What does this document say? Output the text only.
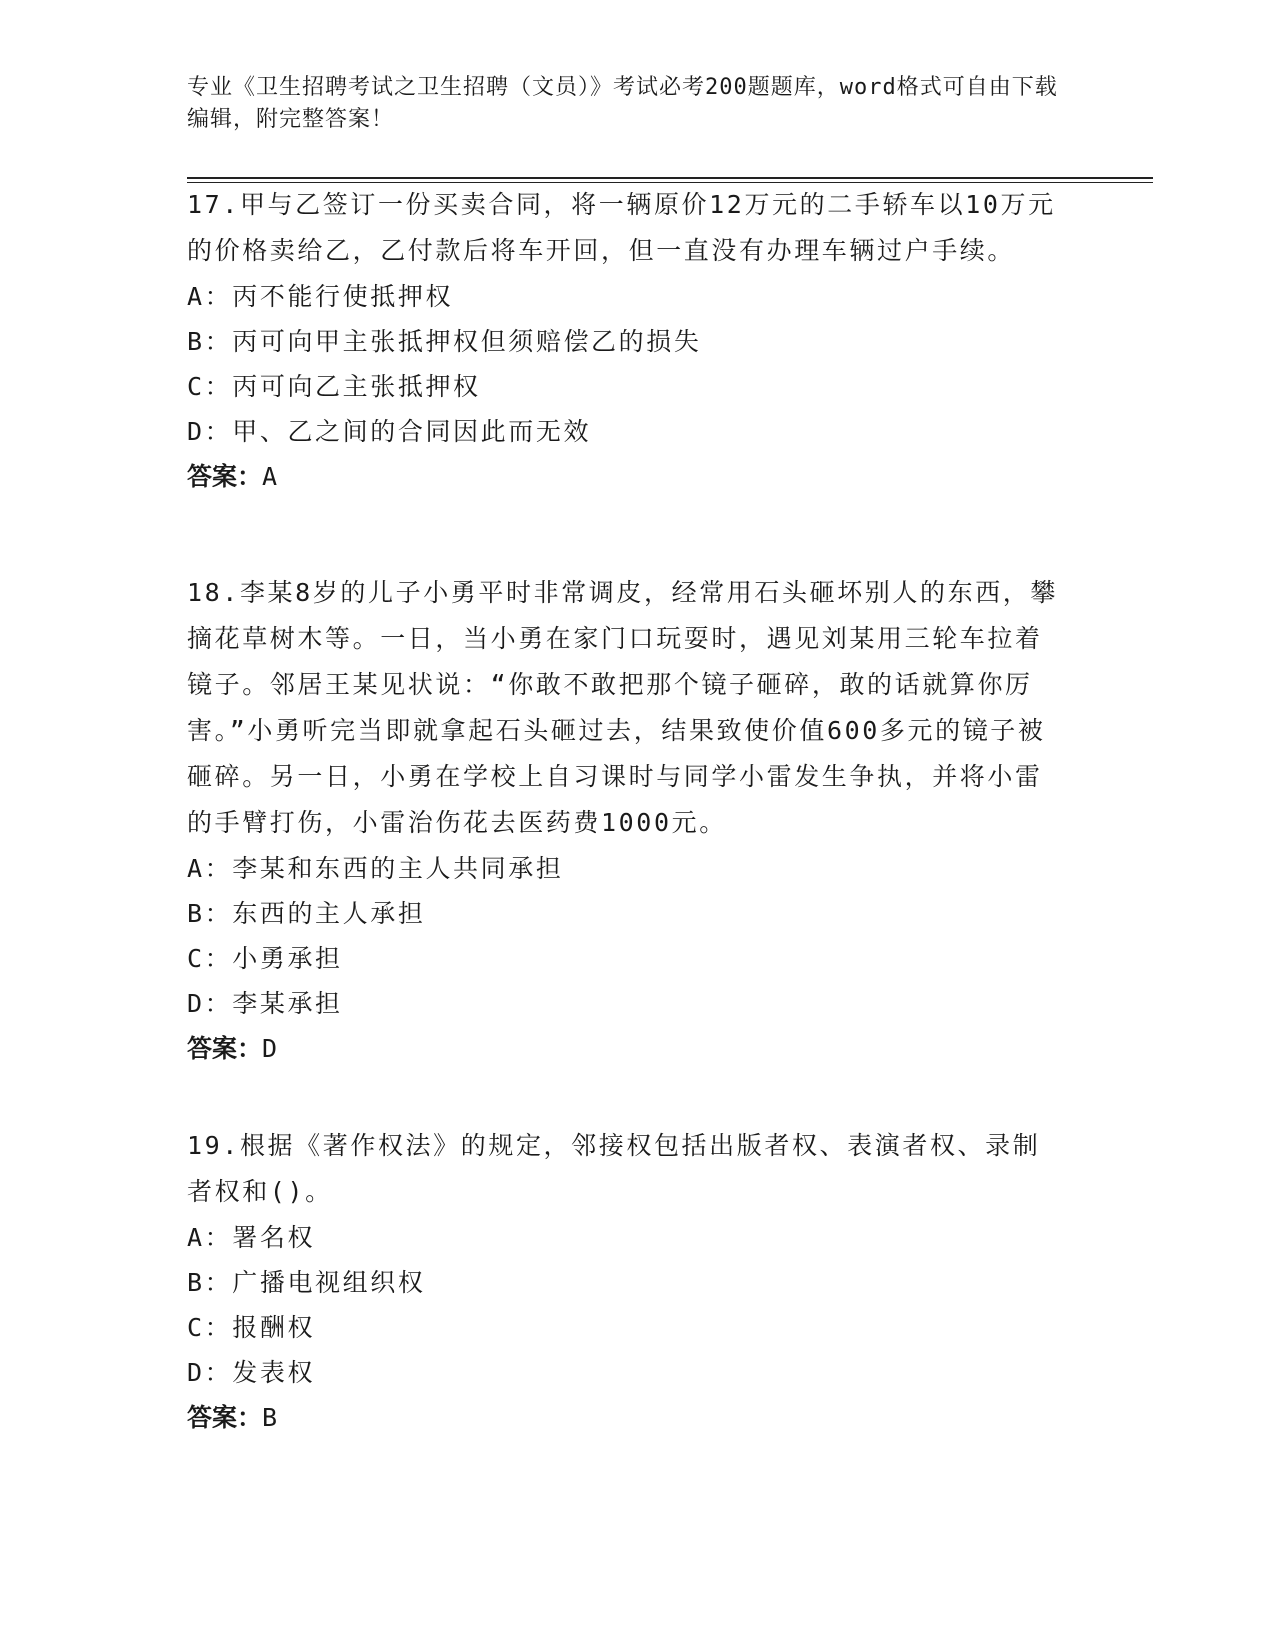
专业《卫生招聘考试之卫生招聘（文员）》考试必考200题题库，word格式可自由下载编辑，附完整答案！

17.甲与乙签订一份买卖合同，将一辆原价12万元的二手轿车以10万元的价格卖给乙，乙付款后将车开回，但一直没有办理车辆过户手续。

A：丙不能行使抵押权

B：丙可向甲主张抵押权但须赔偿乙的损失

C：丙可向乙主张抵押权

D：甲、乙之间的合同因此而无效

答案：A

18.李某8岁的儿子小勇平时非常调皮，经常用石头砸坏别人的东西，攀摘花草树木等。一日，当小勇在家门口玩耍时，遇见刘某用三轮车拉着镜子。邻居王某见状说：“你敢不敢把那个镜子砸碎，敢的话就算你厉害。”小勇听完当即就拿起石头砸过去，结果致使价值600多元的镜子被砸碎。另一日，小勇在学校上自习课时与同学小雷发生争执，并将小雷的手臂打伤，小雷治伤花去医药费1000元。

A：李某和东西的主人共同承担

B：东西的主人承担

C：小勇承担

D：李某承担

答案：D

19.根据《著作权法》的规定，邻接权包括出版者权、表演者权、录制者权和()。

A：署名权

B：广播电视组织权

C：报酬权

D：发表权

答案：B
